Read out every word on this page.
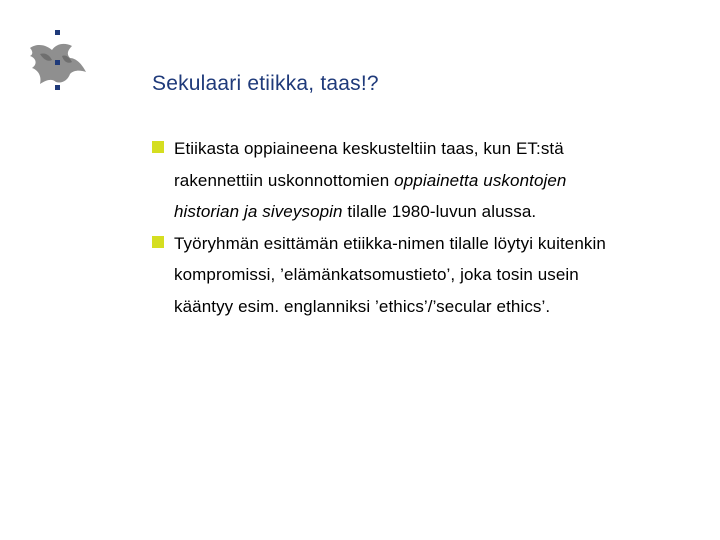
Sekulaari etiikka, taas!?
Etiikasta oppiaineena keskusteltiin taas, kun ET:stä
rakennettiin uskonnottomien oppiainetta uskontojen
historian ja siveysopin tilalle 1980-luvun alussa.
Työryhmän esittämän etiikka-nimen tilalle löytyi kuitenkin
kompromissi, ’elämänkatsomustieto’, joka tosin usein
kääntyy esim. englanniksi ’ethics’/’secular ethics’.
